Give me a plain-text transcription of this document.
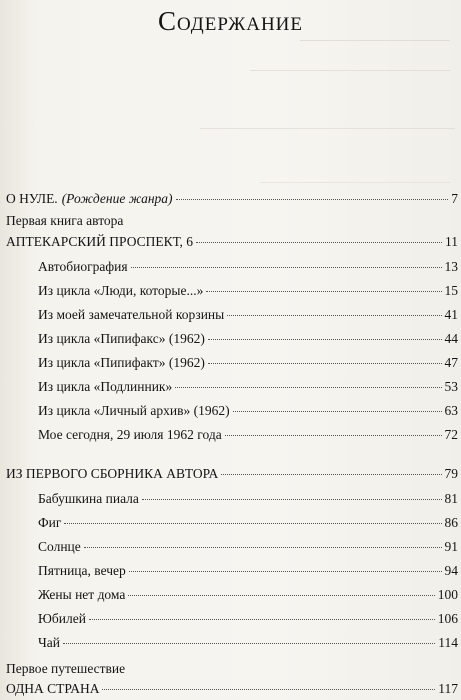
Содержание
О НУЛЕ. (Рождение жанра)	7
Первая книга автора
АПТЕКАРСКИЙ ПРОСПЕКТ, 6	11
Автобиография	13
Из цикла «Люди, которые...»	15
Из моей замечательной корзины	41
Из цикла «Пипифакс» (1962)	44
Из цикла «Пипифакт» (1962)	47
Из цикла «Подлинник»	53
Из цикла «Личный архив» (1962)	63
Мое сегодня, 29 июля 1962 года	72
ИЗ ПЕРВОГО СБОРНИКА АВТОРА	79
Бабушкина пиала	81
Фиг	86
Солнце	91
Пятница, вечер	94
Жены нет дома	100
Юбилей	106
Чай	114
Первое путешествие
ОДНА СТРАНА	117
